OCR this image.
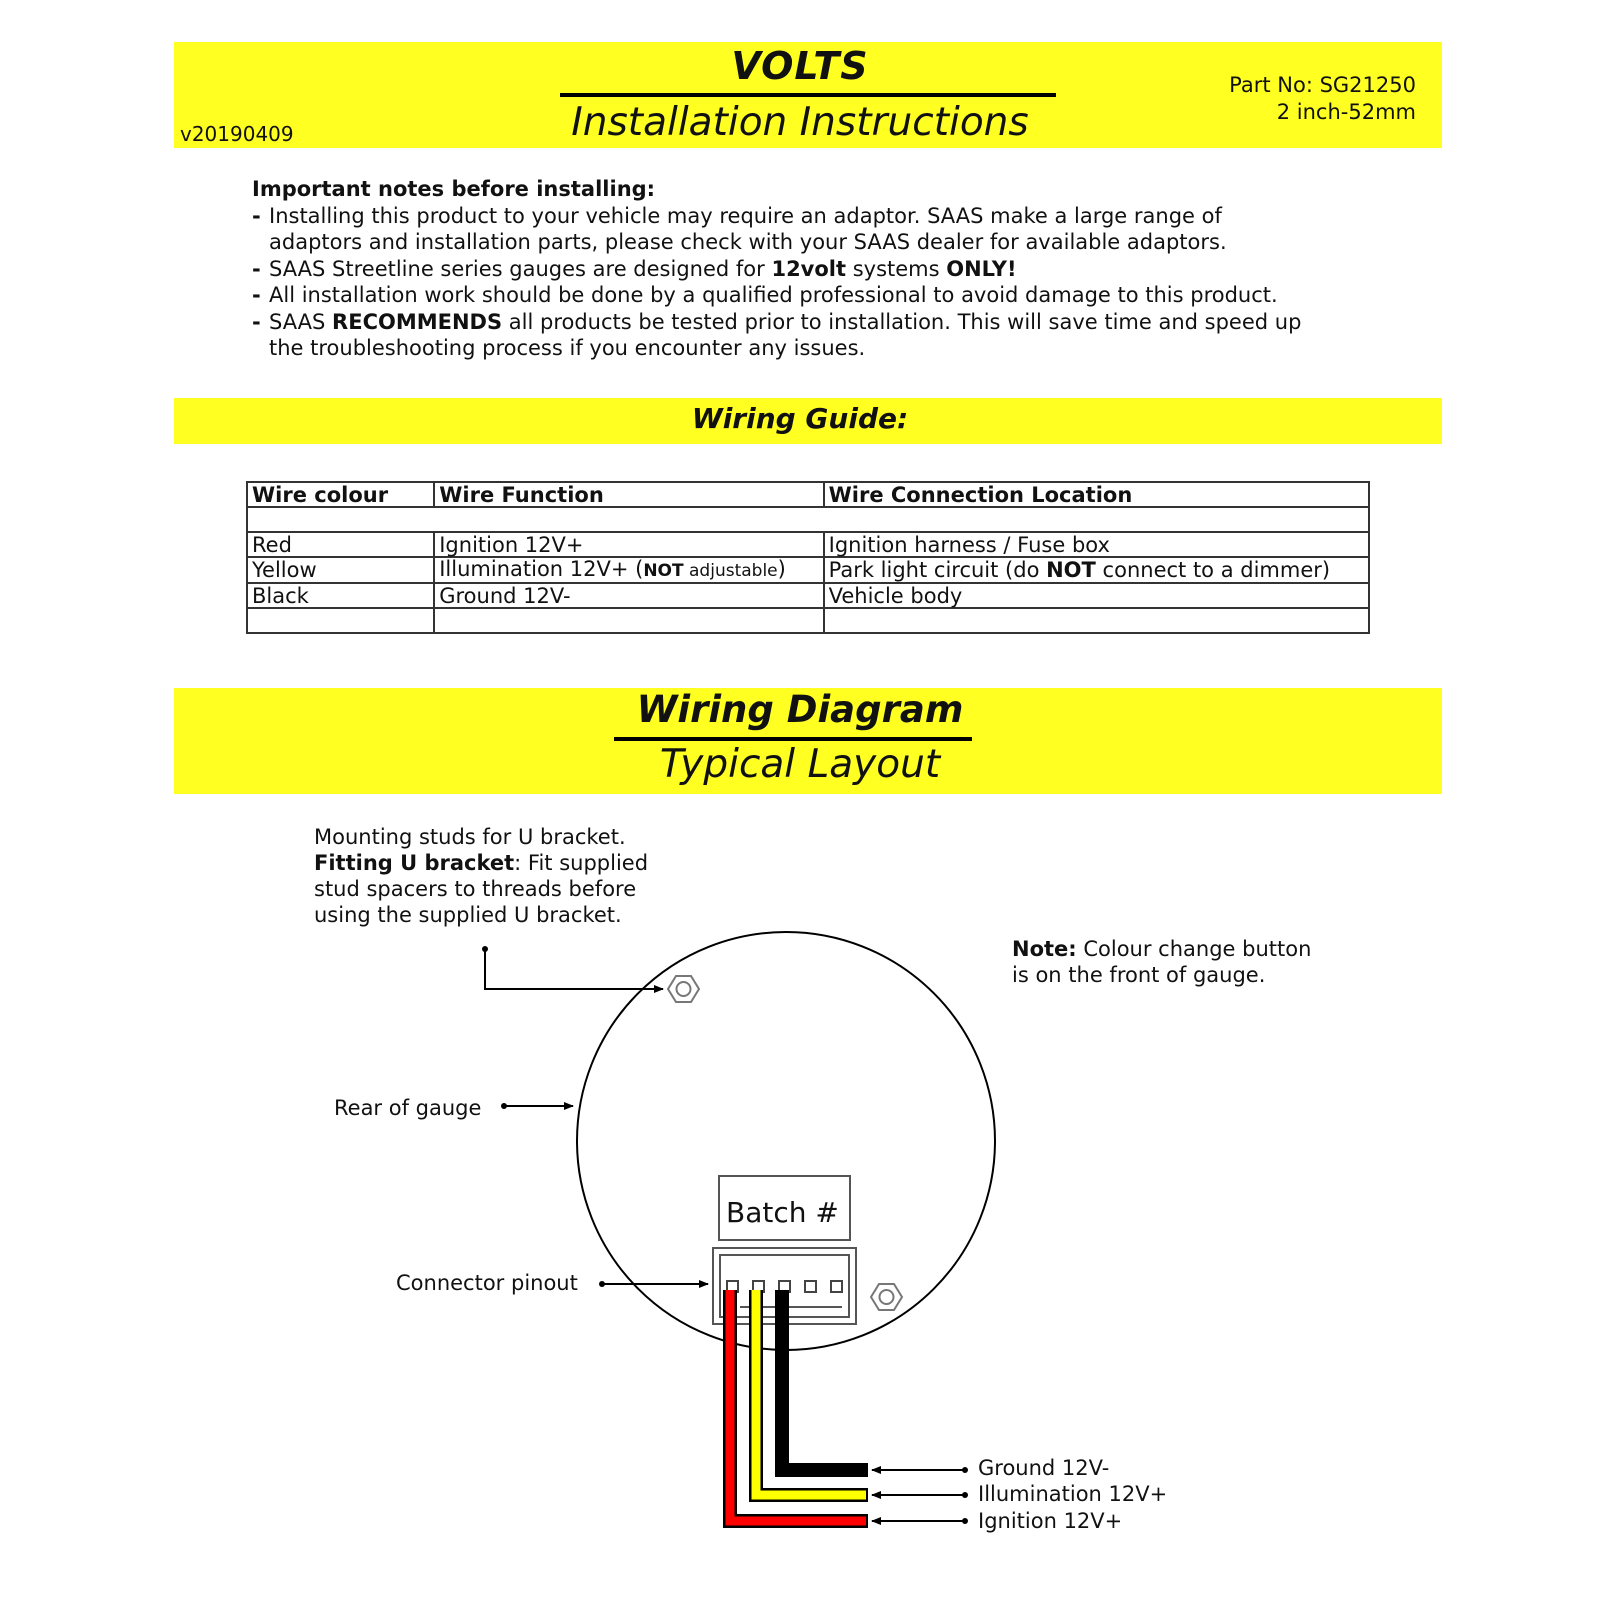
VOLTS
Installation Instructions
v20190409
Part No: SG21250
2 inch-52mm
Important notes before installing:
- Installing this product to your vehicle may require an adaptor. SAAS make a large range of
adaptors and installation parts, please check with your SAAS dealer for available adaptors.
- SAAS Streetline series gauges are designed for 12volt systems ONLY!
- All installation work should be done by a qualified professional to avoid damage to this product.
- SAAS RECOMMENDS all products be tested prior to installation. This will save time and speed up
the troubleshooting process if you encounter any issues.
Wiring Guide:
Wire colour	Wire Function	Wire Connection Location

Red	Ignition 12V+	Ignition harness / Fuse box
Yellow	Illumination 12V+ (NOT adjustable)	Park light circuit (do NOT connect to a dimmer)
Black	Ground 12V-	Vehicle body

Wiring Diagram
Typical Layout
Mounting studs for U bracket.
Fitting U bracket: Fit supplied
stud spacers to threads before
using the supplied U bracket.
Note: Colour change button
is on the front of gauge.
Rear of gauge
Connector pinout
Batch #
Ground 12V-
Illumination 12V+
Ignition 12V+
